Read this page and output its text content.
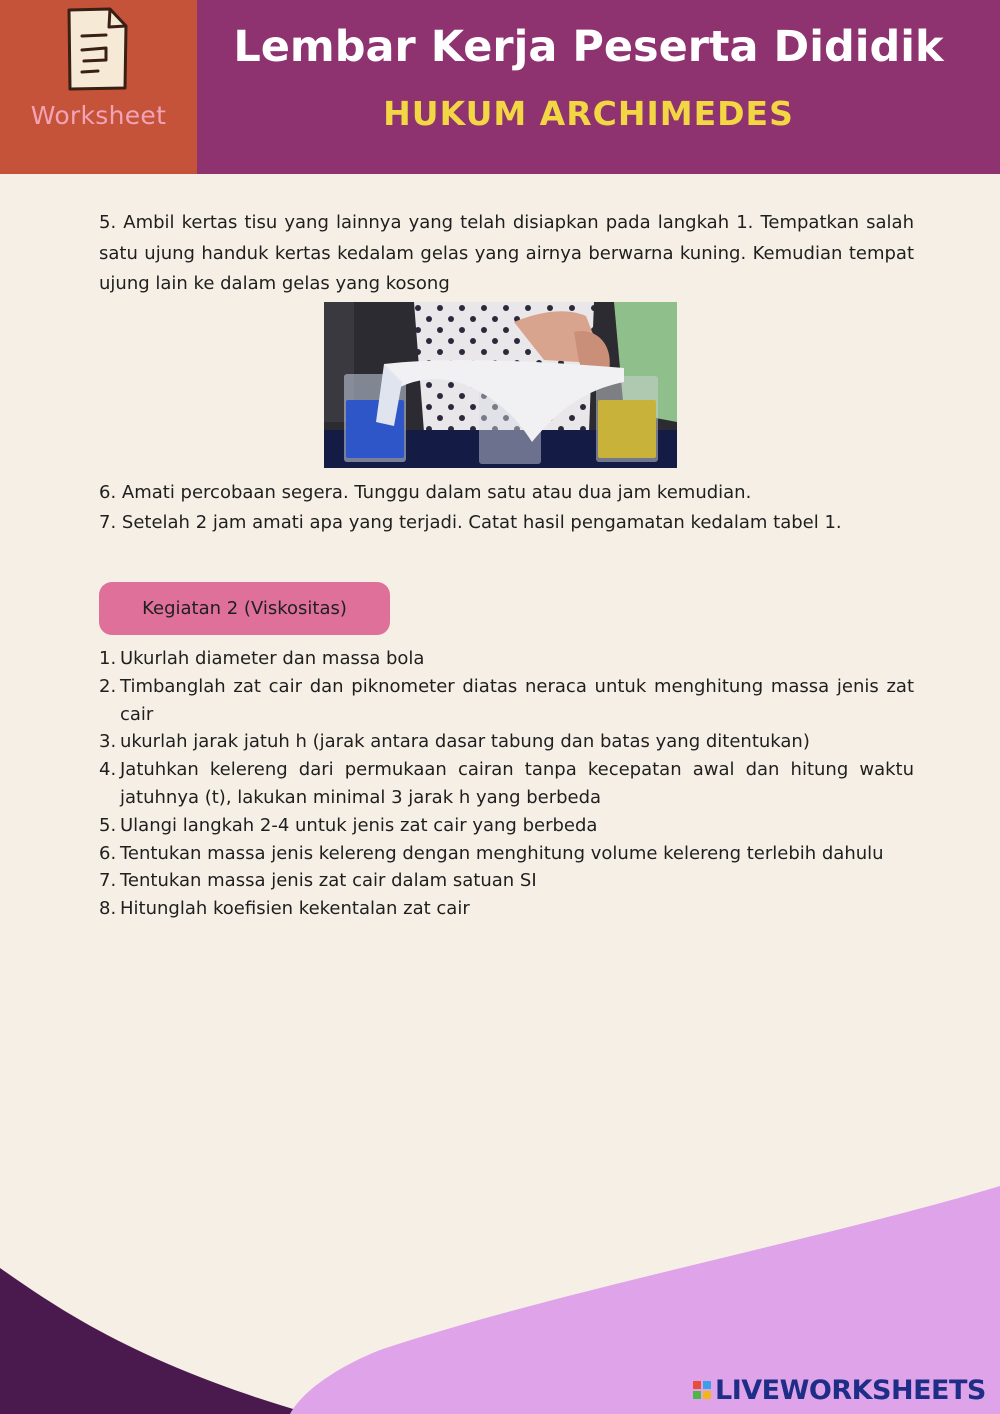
Worksheet
Lembar Kerja Peserta Dididik
HUKUM ARCHIMEDES

5. Ambil kertas tisu yang lainnya yang telah disiapkan pada langkah 1. Tempatkan salah satu ujung handuk kertas kedalam gelas yang airnya berwarna kuning. Kemudian tempat ujung lain ke dalam gelas yang kosong

6. Amati percobaan segera. Tunggu dalam satu atau dua jam kemudian.

7. Setelah 2 jam amati apa yang terjadi. Catat hasil pengamatan kedalam tabel 1.

Kegiatan 2 (Viskositas)
1. Ukurlah diameter dan massa bola
2. Timbanglah zat cair dan piknometer diatas neraca untuk menghitung massa jenis zat cair
3. ukurlah jarak jatuh h (jarak antara dasar tabung dan batas yang ditentukan)
4. Jatuhkan kelereng dari permukaan cairan tanpa kecepatan awal dan hitung waktu jatuhnya (t), lakukan minimal 3 jarak h yang berbeda
5. Ulangi langkah 2-4 untuk jenis zat cair yang berbeda
6. Tentukan massa jenis kelereng dengan menghitung volume kelereng terlebih dahulu
7. Tentukan massa jenis zat cair dalam satuan SI
8. Hitunglah koefisien kekentalan zat cair
LIVEWORKSHEETS
